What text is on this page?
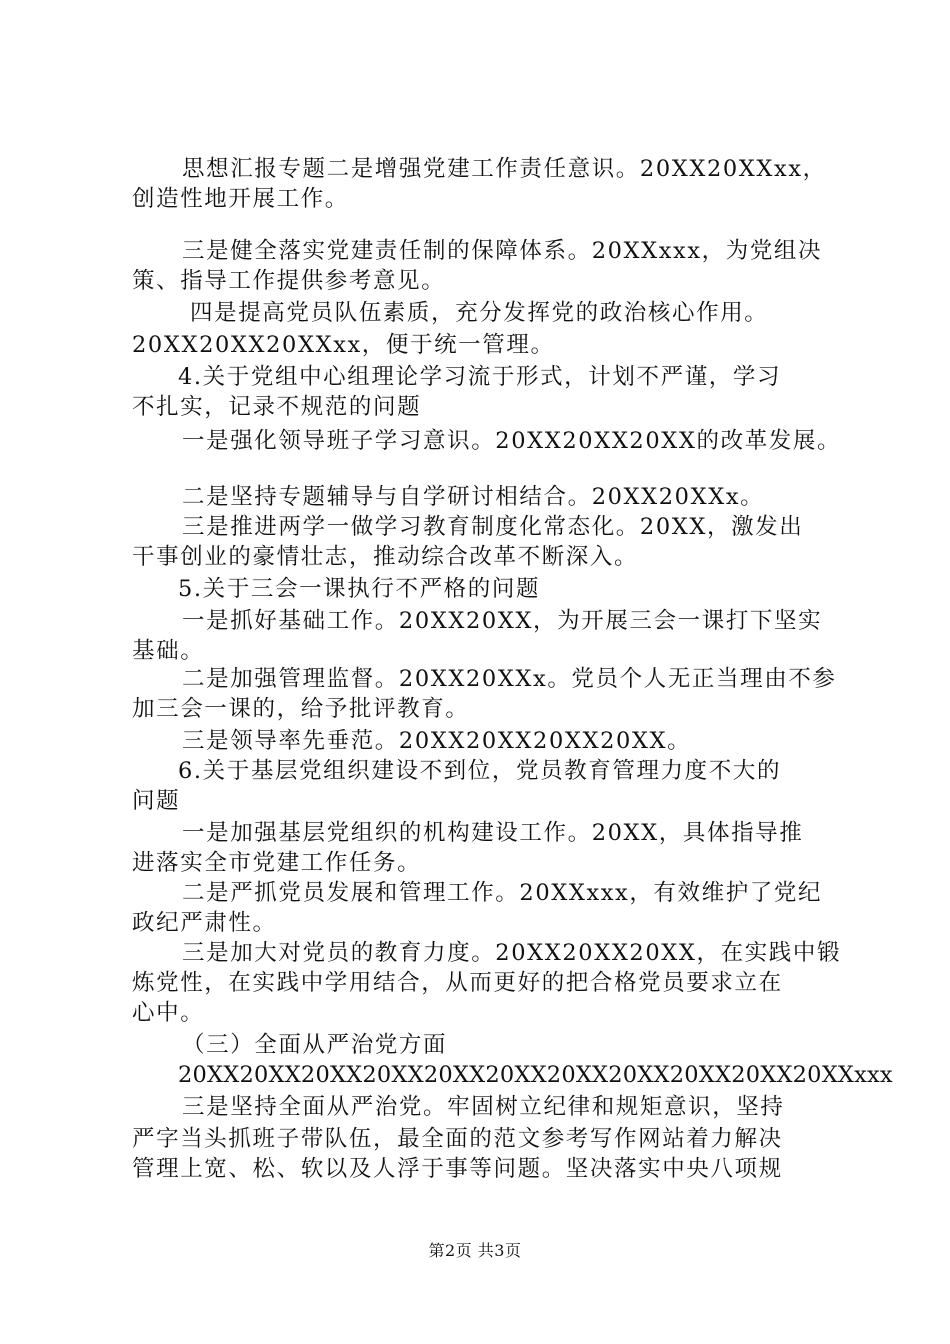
思想汇报专题二是增强党建工作责任意识。20XX20XXxx，
创造性地开展工作。
三是健全落实党建责任制的保障体系。20XXxxx，为党组决
策、指导工作提供参考意见。
四是提高党员队伍素质，充分发挥党的政治核心作用。
20XX20XX20XXxx，便于统一管理。
4.关于党组中心组理论学习流于形式，计划不严谨，学习
不扎实，记录不规范的问题
一是强化领导班子学习意识。20XX20XX20XX的改革发展。
二是坚持专题辅导与自学研讨相结合。20XX20XXx。
三是推进两学一做学习教育制度化常态化。20XX，激发出
干事创业的豪情壮志，推动综合改革不断深入。
5.关于三会一课执行不严格的问题
一是抓好基础工作。20XX20XX，为开展三会一课打下坚实
基础。
二是加强管理监督。20XX20XXx。党员个人无正当理由不参
加三会一课的，给予批评教育。
三是领导率先垂范。20XX20XX20XX20XX。
6.关于基层党组织建设不到位，党员教育管理力度不大的
问题
一是加强基层党组织的机构建设工作。20XX，具体指导推
进落实全市党建工作任务。
二是严抓党员发展和管理工作。20XXxxx，有效维护了党纪
政纪严肃性。
三是加大对党员的教育力度。20XX20XX20XX，在实践中锻
炼党性，在实践中学用结合，从而更好的把合格党员要求立在
心中。
（三）全面从严治党方面
20XX20XX20XX20XX20XX20XX20XX20XX20XX20XX20XXxxx
三是坚持全面从严治党。牢固树立纪律和规矩意识，坚持
严字当头抓班子带队伍，最全面的范文参考写作网站着力解决
管理上宽、松、软以及人浮于事等问题。坚决落实中央八项规
第2页 共3页
